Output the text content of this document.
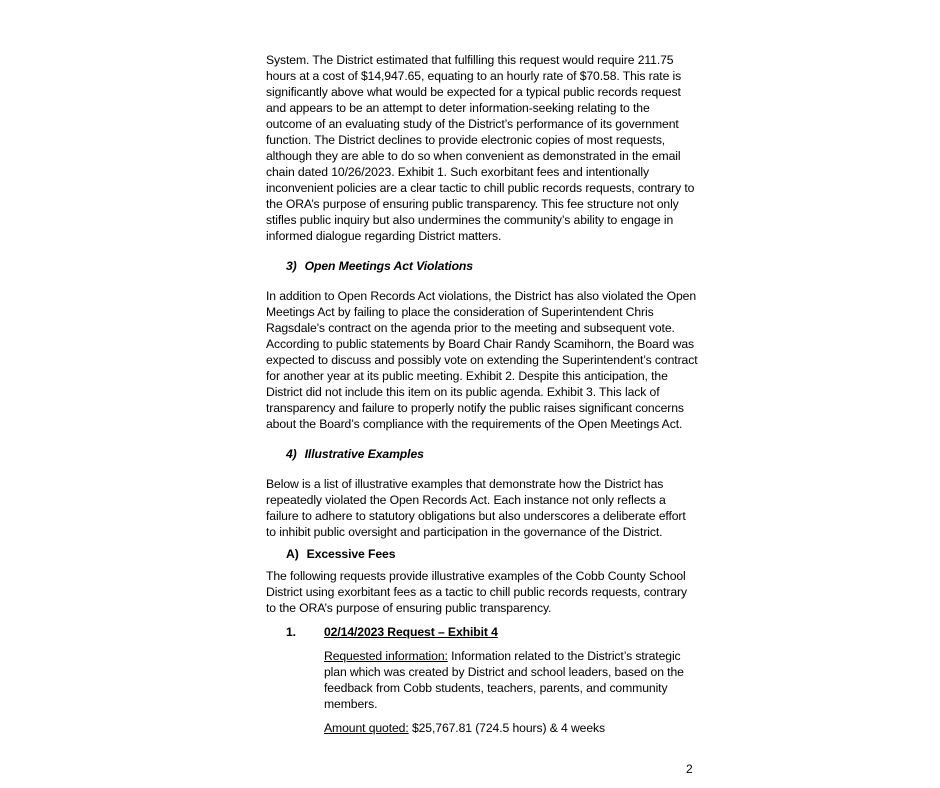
System. The District estimated that fulfilling this request would require 211.75 hours at a cost of $14,947.65, equating to an hourly rate of $70.58. This rate is significantly above what would be expected for a typical public records request and appears to be an attempt to deter information-seeking relating to the outcome of an evaluating study of the District’s performance of its government function. The District declines to provide electronic copies of most requests, although they are able to do so when convenient as demonstrated in the email chain dated 10/26/2023. Exhibit 1. Such exorbitant fees and intentionally inconvenient policies are a clear tactic to chill public records requests, contrary to the ORA’s purpose of ensuring public transparency. This fee structure not only stifles public inquiry but also undermines the community’s ability to engage in informed dialogue regarding District matters.

3) Open Meetings Act Violations

In addition to Open Records Act violations, the District has also violated the Open Meetings Act by failing to place the consideration of Superintendent Chris Ragsdale's contract on the agenda prior to the meeting and subsequent vote. According to public statements by Board Chair Randy Scamihorn, the Board was expected to discuss and possibly vote on extending the Superintendent’s contract for another year at its public meeting. Exhibit 2. Despite this anticipation, the District did not include this item on its public agenda. Exhibit 3. This lack of transparency and failure to properly notify the public raises significant concerns about the Board’s compliance with the requirements of the Open Meetings Act.

4) Illustrative Examples

Below is a list of illustrative examples that demonstrate how the District has repeatedly violated the Open Records Act. Each instance not only reflects a failure to adhere to statutory obligations but also underscores a deliberate effort to inhibit public oversight and participation in the governance of the District.

A) Excessive Fees

The following requests provide illustrative examples of the Cobb County School District using exorbitant fees as a tactic to chill public records requests, contrary to the ORA’s purpose of ensuring public transparency.

1. 02/14/2023 Request – Exhibit 4
Requested information: Information related to the District’s strategic plan which was created by District and school leaders, based on the feedback from Cobb students, teachers, parents, and community members.
Amount quoted: $25,767.81 (724.5 hours) & 4 weeks
2
